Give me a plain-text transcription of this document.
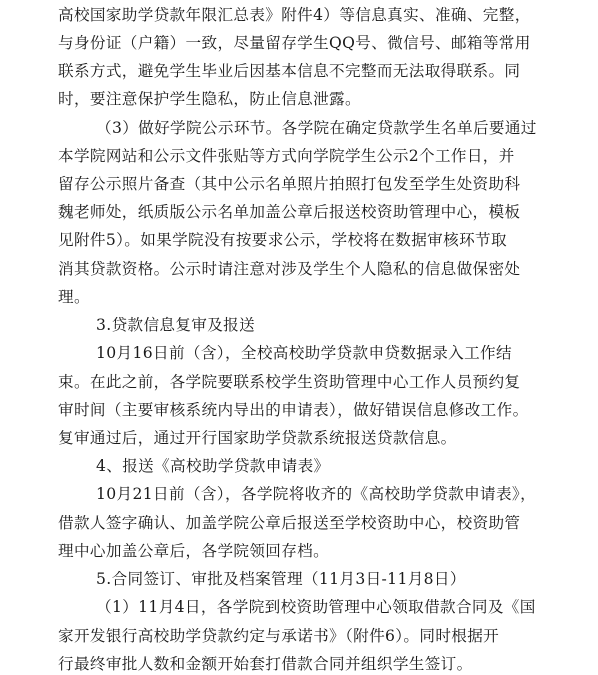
高校国家助学贷款年限汇总表》附件4）等信息真实、准确、完整，
与身份证（户籍）一致，尽量留存学生QQ号、微信号、邮箱等常用
联系方式，避免学生毕业后因基本信息不完整而无法取得联系。同
时，要注意保护学生隐私，防止信息泄露。
（3）做好学院公示环节。各学院在确定贷款学生名单后要通过
本学院网站和公示文件张贴等方式向学院学生公示2个工作日，并
留存公示照片备查（其中公示名单照片拍照打包发至学生处资助科
魏老师处，纸质版公示名单加盖公章后报送校资助管理中心，模板
见附件5）。如果学院没有按要求公示，学校将在数据审核环节取
消其贷款资格。公示时请注意对涉及学生个人隐私的信息做保密处
理。
3.贷款信息复审及报送
10月16日前（含），全校高校助学贷款申贷数据录入工作结
束。在此之前，各学院要联系校学生资助管理中心工作人员预约复
审时间（主要审核系统内导出的申请表），做好错误信息修改工作。
复审通过后，通过开行国家助学贷款系统报送贷款信息。
4、报送《高校助学贷款申请表》
10月21日前（含），各学院将收齐的《高校助学贷款申请表》，
借款人签字确认、加盖学院公章后报送至学校资助中心，校资助管
理中心加盖公章后，各学院领回存档。
5.合同签订、审批及档案管理（11月3日-11月8日）
（1）11月4日，各学院到校资助管理中心领取借款合同及《国
家开发银行高校助学贷款约定与承诺书》（附件6）。同时根据开
行最终审批人数和金额开始套打借款合同并组织学生签订。
